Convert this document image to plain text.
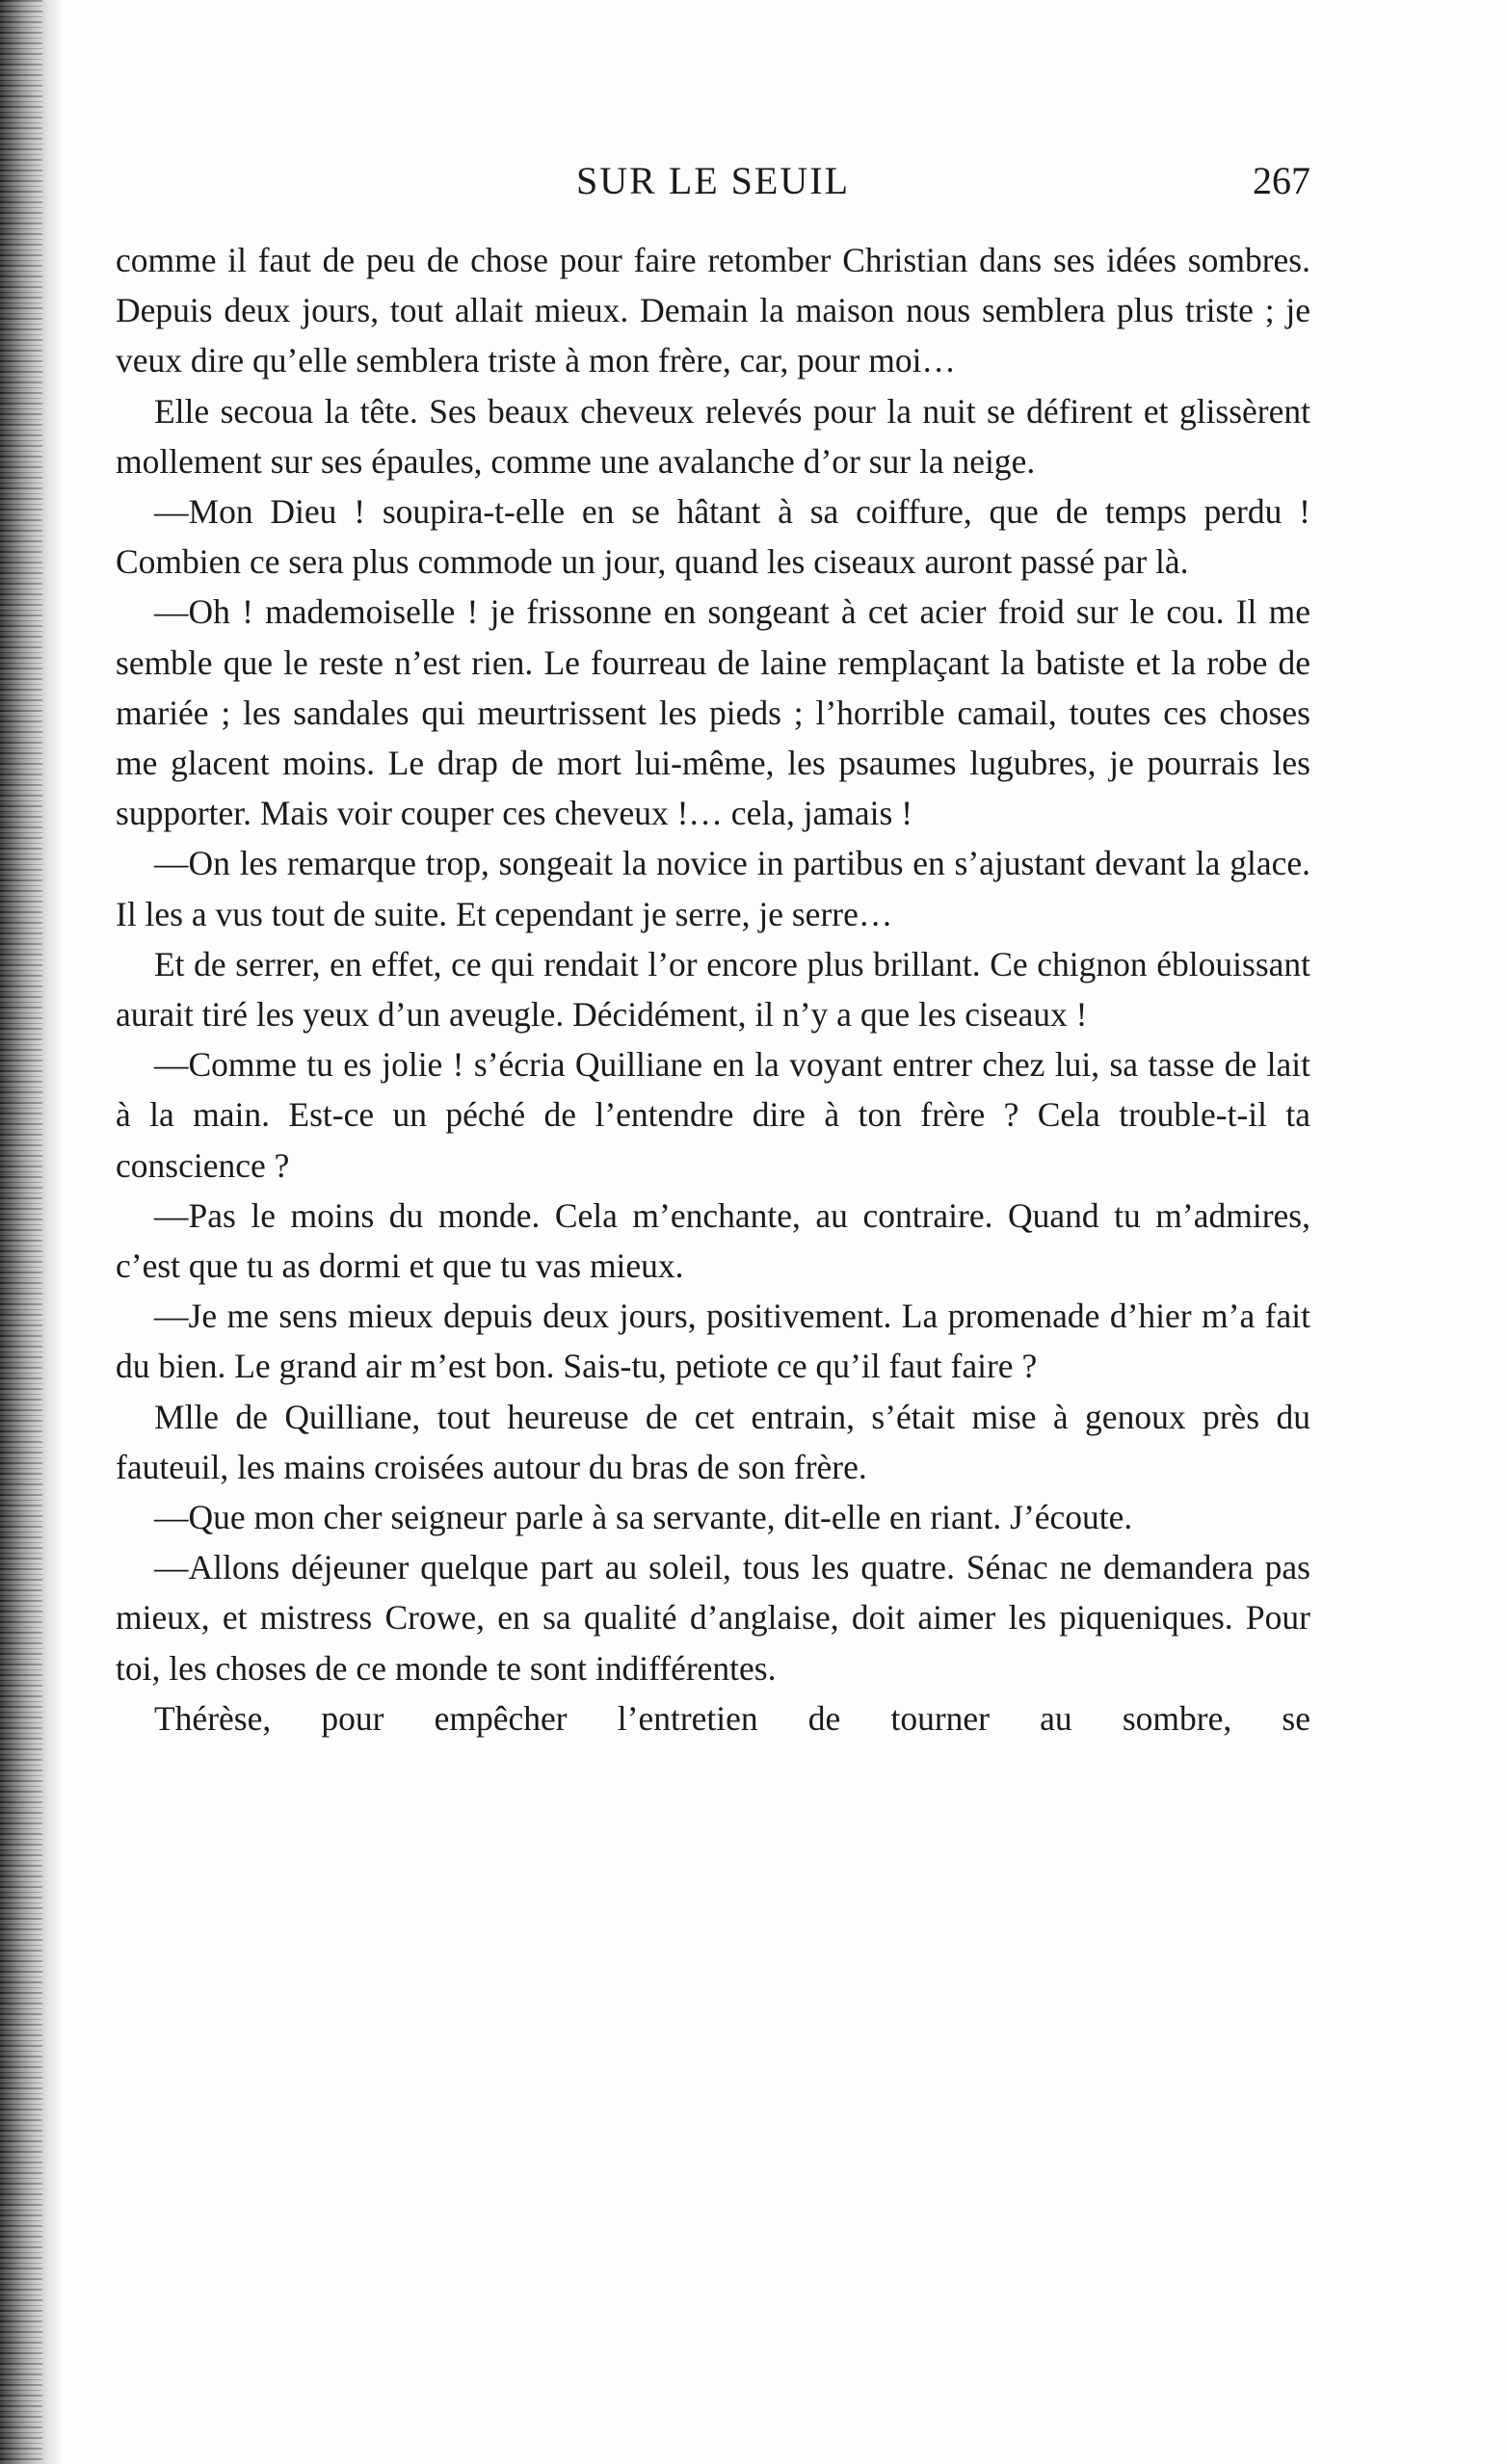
SUR LE SEUIL	267

comme il faut de peu de chose pour faire retomber Christian dans ses idées sombres. Depuis deux jours, tout allait mieux. Demain la maison nous semblera plus triste ; je veux dire qu’elle semblera triste à mon frère, car, pour moi…

Elle secoua la tête. Ses beaux cheveux relevés pour la nuit se défirent et glissèrent mollement sur ses épaules, comme une avalanche d’or sur la neige.

—Mon Dieu ! soupira-t-elle en se hâtant à sa coiffure, que de temps perdu ! Combien ce sera plus commode un jour, quand les ciseaux auront passé par là.

—Oh ! mademoiselle ! je frissonne en songeant à cet acier froid sur le cou. Il me semble que le reste n’est rien. Le fourreau de laine remplaçant la batiste et la robe de mariée ; les sandales qui meurtrissent les pieds ; l’horrible camail, toutes ces choses me glacent moins. Le drap de mort lui-même, les psaumes lugubres, je pourrais les supporter. Mais voir couper ces cheveux !… cela, jamais !

—On les remarque trop, songeait la novice in partibus en s’ajustant devant la glace. Il les a vus tout de suite. Et cependant je serre, je serre…

Et de serrer, en effet, ce qui rendait l’or encore plus brillant. Ce chignon éblouissant aurait tiré les yeux d’un aveugle. Décidément, il n’y a que les ciseaux !

—Comme tu es jolie ! s’écria Quilliane en la voyant entrer chez lui, sa tasse de lait à la main. Est-ce un péché de l’entendre dire à ton frère ? Cela trouble-t-il ta conscience ?

—Pas le moins du monde. Cela m’enchante, au contraire. Quand tu m’admires, c’est que tu as dormi et que tu vas mieux.

—Je me sens mieux depuis deux jours, positivement. La promenade d’hier m’a fait du bien. Le grand air m’est bon. Sais-tu, petiote ce qu’il faut faire ?

Mlle de Quilliane, tout heureuse de cet entrain, s’était mise à genoux près du fauteuil, les mains croisées autour du bras de son frère.

—Que mon cher seigneur parle à sa servante, dit-elle en riant. J’écoute.

—Allons déjeuner quelque part au soleil, tous les quatre. Sénac ne demandera pas mieux, et mistress Crowe, en sa qualité d’anglaise, doit aimer les piqueniques. Pour toi, les choses de ce monde te sont indifférentes.

Thérèse, pour empêcher l’entretien de tourner au sombre, se
